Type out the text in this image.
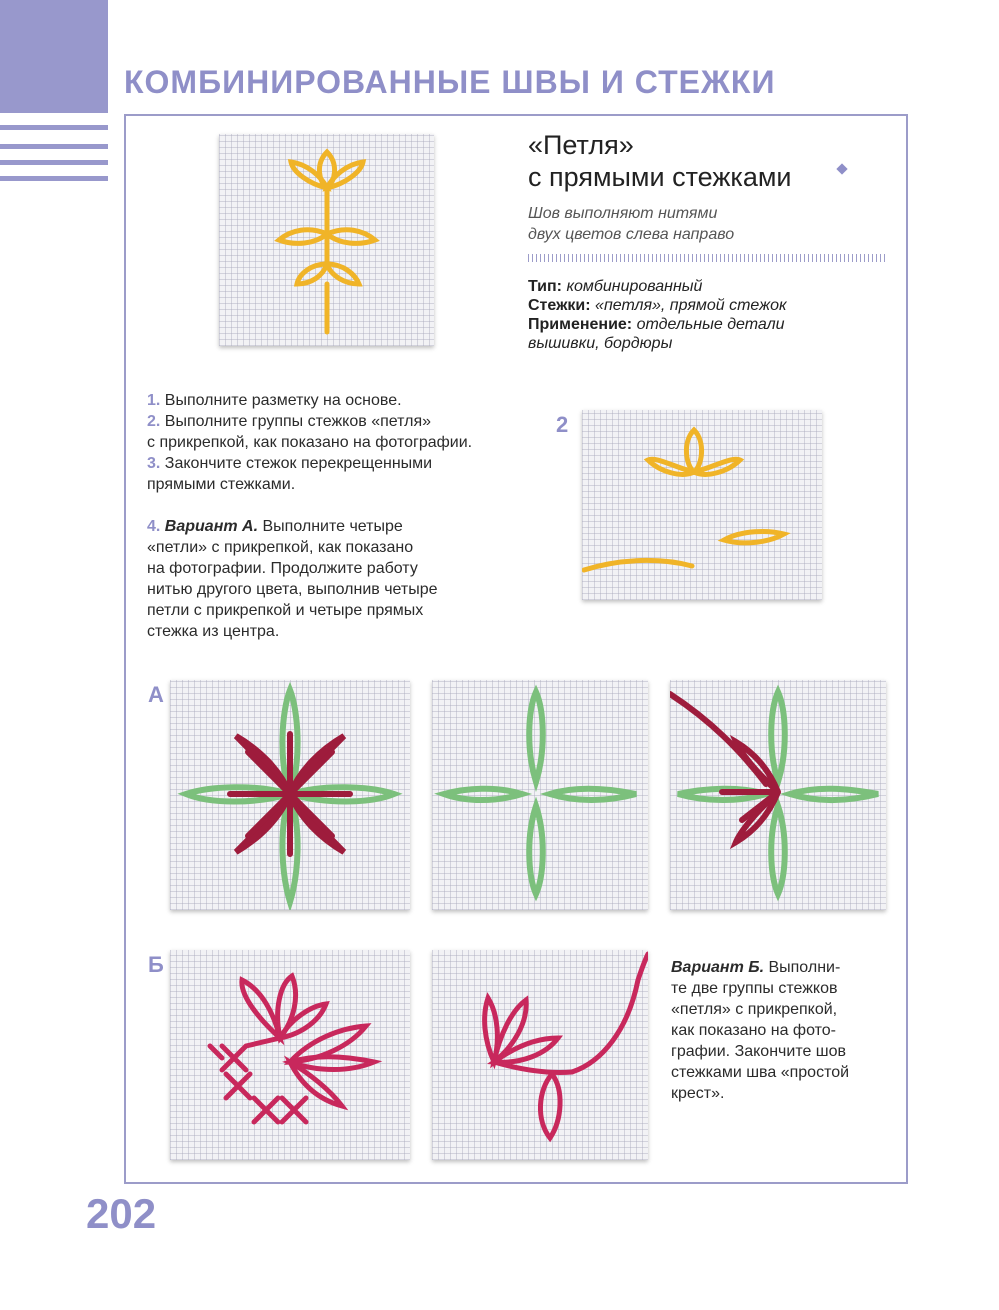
КОМБИНИРОВАННЫЕ ШВЫ И СТЕЖКИ
«Петля»
с прямыми стежками
Шов выполняют нитями
двух цветов слева направо
Тип: комбинированный
Стежки: «петля», прямой стежок
Применение: отдельные детали
вышивки, бордюры
1. Выполните разметку на основе.
2. Выполните группы стежков «петля»
с прикрепкой, как показано на фотографии.
3. Закончите стежок перекрещенными
прямыми стежками.
4. Вариант А. Выполните четыре
«петли» с прикрепкой, как показано
на фотографии. Продолжите работу
нитью другого цвета, выполнив четыре
петли с прикрепкой и четыре прямых
стежка из центра.
2
А
Б	Вариант Б. Выполни-
те две группы стежков
«петля» с прикрепкой,
как показано на фото-
графии. Закончите шов
стежками шва «простой
крест».
202
